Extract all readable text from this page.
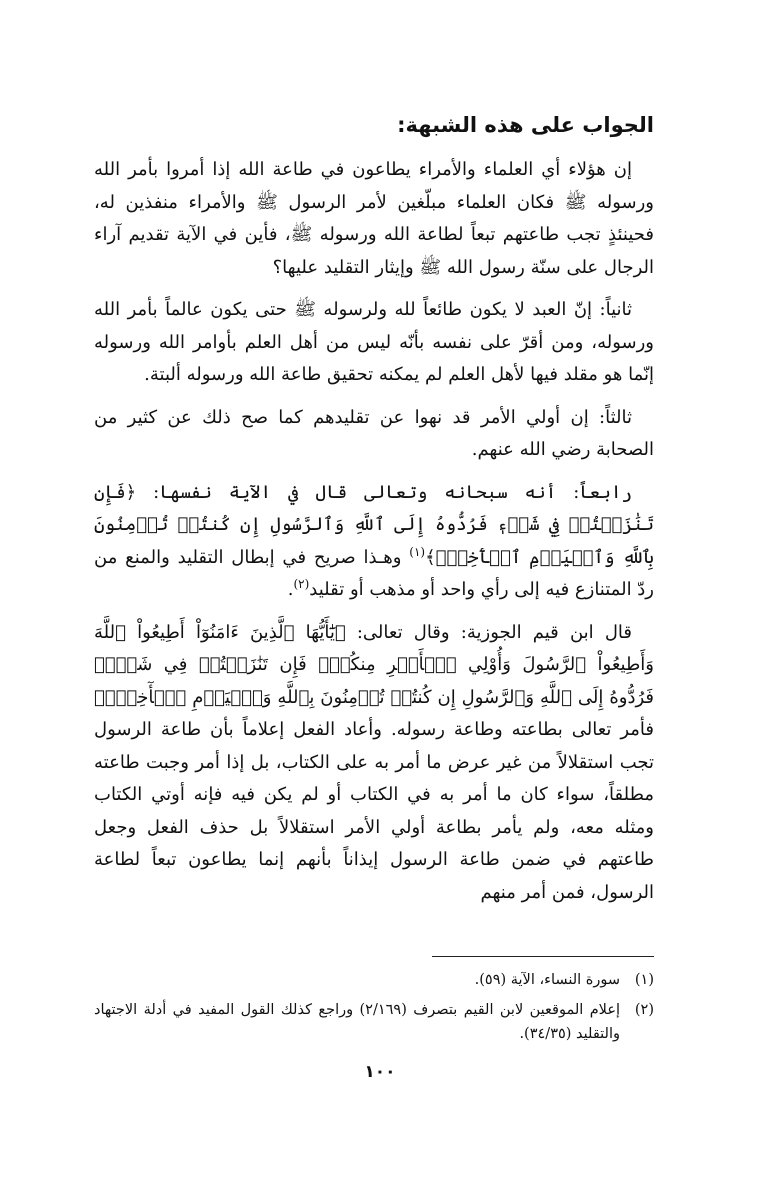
الجواب على هذه الشبهة:

إن هؤلاء أي العلماء والأمراء يطاعون في طاعة الله إذا أمروا بأمر الله ورسوله ﷺ فكان العلماء مبلّغين لأمر الرسول ﷺ والأمراء منفذين له، فحينئذٍ تجب طاعتهم تبعاً لطاعة الله ورسوله ﷺ، فأين في الآية تقديم آراء الرجال على سنّة رسول الله ﷺ وإيثار التقليد عليها؟

ثانياً: إنّ العبد لا يكون طائعاً لله ولرسوله ﷺ حتى يكون عالماً بأمر الله ورسوله، ومن أقرّ على نفسه بأنّه ليس من أهل العلم بأوامر الله ورسوله إنّما هو مقلد فيها لأهل العلم لم يمكنه تحقيق طاعة الله ورسوله ألبتة.

ثالثاً: إن أولي الأمر قد نهوا عن تقليدهم كما صح ذلك عن كثير من الصحابة رضي الله عنهم.

رابعاً: أنه سبحانه وتعالى قال في الآية نفسها: ﴿فَإِن تَنَٰزَعۡتُمۡ فِي شَيۡءٖ فَرُدُّوهُ إِلَى ٱللَّهِ وَٱلرَّسُولِ إِن كُنتُمۡ تُؤۡمِنُونَ بِٱللَّهِ وَٱلۡيَوۡمِ ٱلۡأٓخِرِۚ﴾$^{(١)}$ وهـذا صريح في إبطال التقليد والمنع من ردّ المتنازع فيه إلى رأي واحد أو مذهب أو تقليد$^{(٢)}$.

قال ابن قيم الجوزية: وقال تعالى: ﴿يَٰٓأَيُّهَا ٱلَّذِينَ ءَامَنُوٓاْ أَطِيعُواْ ٱللَّهَ وَأَطِيعُواْ ٱلرَّسُولَ وَأُوْلِي ٱلۡأَمۡرِ مِنكُمۡۖ فَإِن تَنَٰزَعۡتُمۡ فِي شَيۡءٖ فَرُدُّوهُ إِلَى ٱللَّهِ وَٱلرَّسُولِ إِن كُنتُمۡ تُؤۡمِنُونَ بِٱللَّهِ وَٱلۡيَوۡمِ ٱلۡأٓخِرِۚ﴾ فأمر تعالى بطاعته وطاعة رسوله. وأعاد الفعل إعلاماً بأن طاعة الرسول تجب استقلالاً من غير عرض ما أمر به على الكتاب، بل إذا أمر وجبت طاعته مطلقاً، سواء كان ما أمر به في الكتاب أو لم يكن فيه فإنه أوتي الكتاب ومثله معه، ولم يأمر بطاعة أولي الأمر استقلالاً بل حذف الفعل وجعل طاعتهم في ضمن طاعة الرسول إيذاناً بأنهم إنما يطاعون تبعاً لطاعة الرسول، فمن أمر منهم

(١)
سورة النساء، الآية (٥٩).
(٢)
إعلام الموقعين لابن القيم بتصرف (٢/١٦٩) وراجع كذلك القول المفيد في أدلة الاجتهاد والتقليد (٣٤/٣٥).
١٠٠
